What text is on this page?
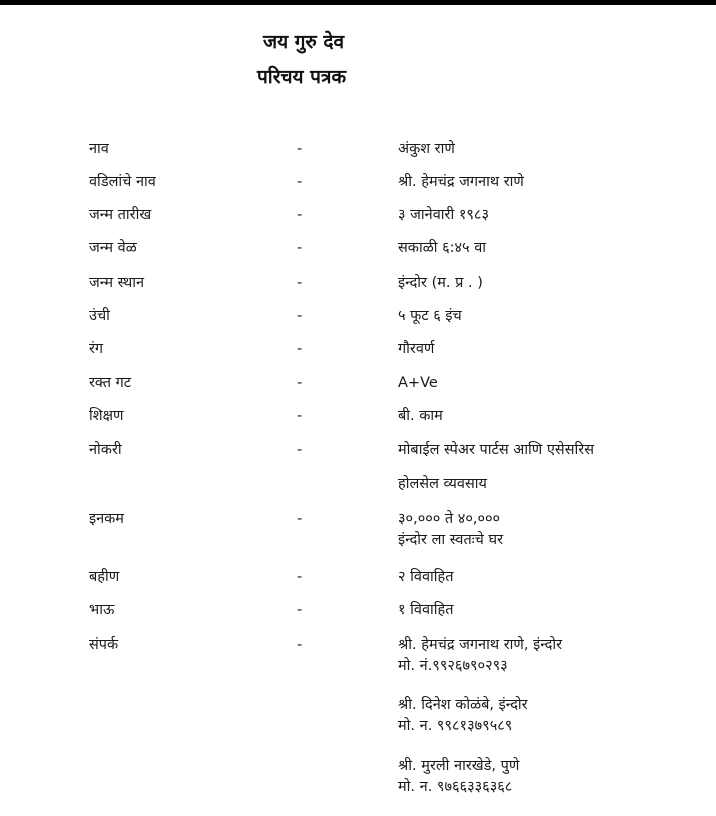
जय गुरु देव
परिचय पत्रक
नाव	-	अंकुश राणे
वडिलांचे नाव	-	श्री. हेमचंद्र जगनाथ राणे
जन्म तारीख	-	३ जानेवारी १९८३
जन्म वेळ	-	सकाळी ६:४५ वा
जन्म स्थान	-	इंन्दोर (म. प्र . )
उंची	-	५ फूट ६ इंच
रंग	-	गौरवर्ण
रक्त गट	-	A+Ve
शिक्षण	-	बी. काम
नोकरी	-	मोबाईल स्पेअर पार्टस आणि एसेसरिस
होलसेल व्यवसाय
इनकम	-	३०,००० ते ४०,०००
इंन्दोर ला स्वतःचे घर
बहीण	-	२ विवाहित
भाऊ	-	१ विवाहित
संपर्क	-	श्री. हेमचंद्र जगनाथ राणे, इंन्दोर
मो. नं.९९२६७९०२९३
श्री. दिनेश कोळंबे, इंन्दोर
मो. न. ९९८१३७९५८९
श्री. मुरली नारखेडे, पुणे
मो. न. ९७६६३३६३६८
